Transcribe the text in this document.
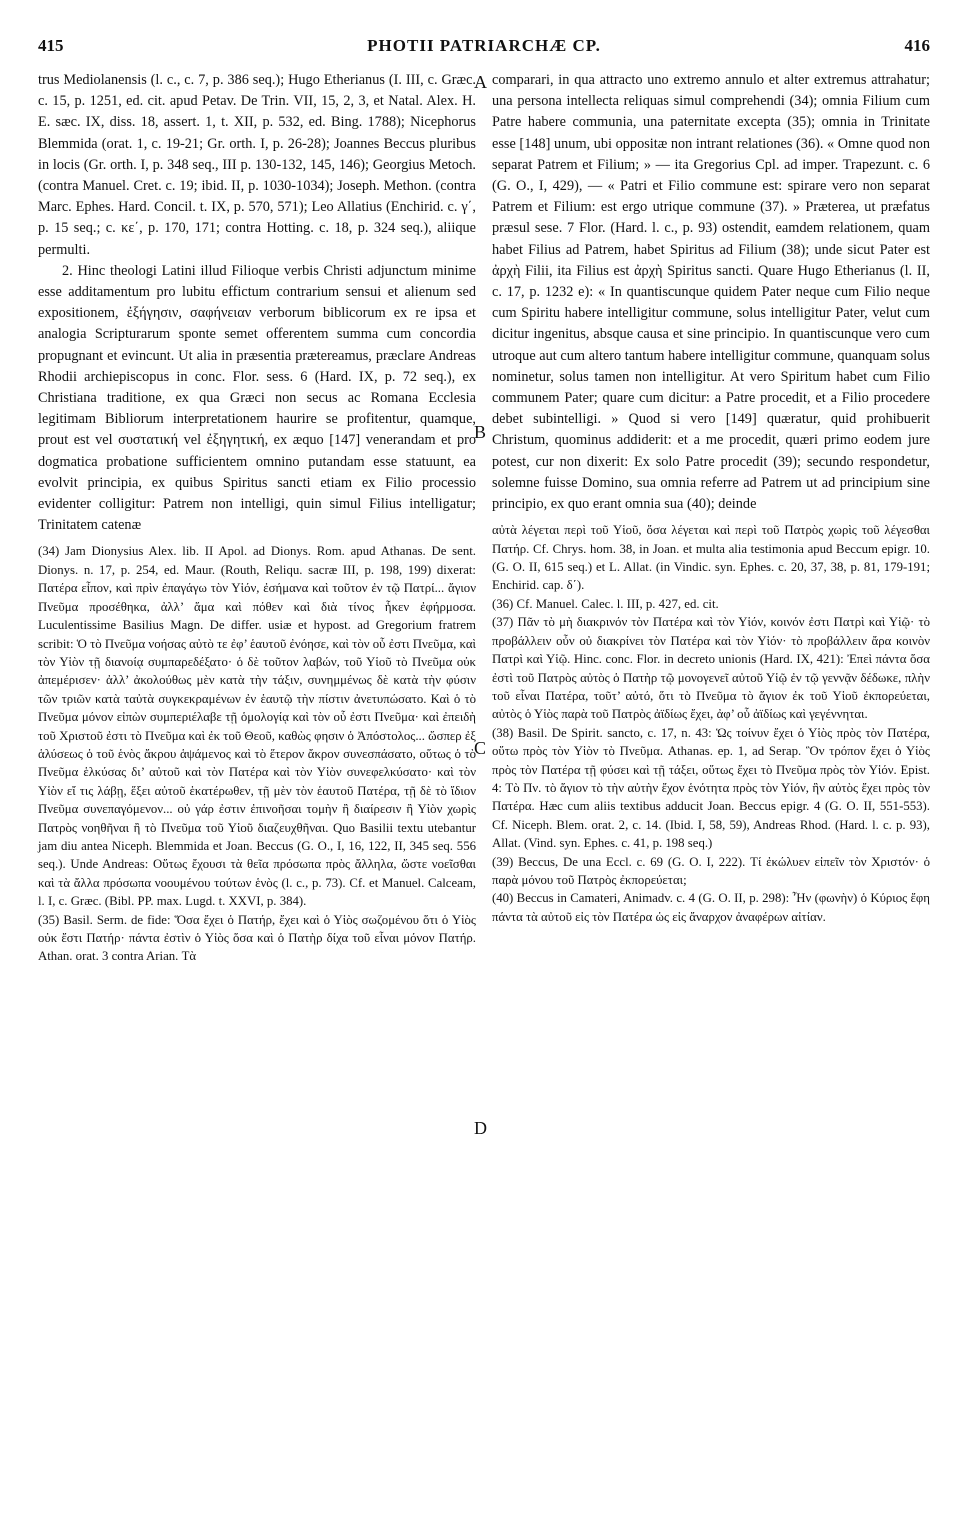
415	PHOTII PATRIARCHÆ CP.	416

trus Mediolanensis (l. c., c. 7, p. 386 seq.); Hugo Etherianus (I. III, c. Græc. c. 15, p. 1251, ed. cit. apud Petav. De Trin. VII, 15, 2, 3, et Natal. Alex. H. E. sæc. IX, diss. 18, assert. 1, t. XII, p. 532, ed. Bing. 1788); Nicephorus Blemmida (orat. 1, c. 19-21; Gr. orth. I, p. 26-28); Joannes Beccus pluribus in locis (Gr. orth. I, p. 348 seq., III p. 130-132, 145, 146); Georgius Metoch. (contra Manuel. Cret. c. 19; ibid. II, p. 1030-1034); Joseph. Methon. (contra Marc. Ephes. Hard. Concil. t. IX, p. 570, 571); Leo Allatius (Enchirid. c. γ΄, p. 15 seq.; c. κε΄, p. 170, 171; contra Hotting. c. 18, p. 324 seq.), aliique permulti.

2. Hinc theologi Latini illud Filioque verbis Christi adjunctum minime esse additamentum pro lubitu effictum contrarium sensui et alienum sed expositionem, ἐξήγησιν, σαφήνειαν verborum biblicorum ex re ipsa et analogia Scripturarum sponte semet offerentem summa cum concordia propugnant et evincunt. Ut alia in præsentia prætereamus, præclare Andreas Rhodii archiepiscopus in conc. Flor. sess. 6 (Hard. IX, p. 72 seq.), ex Christiana traditione, ex qua Græci non secus ac Romana Ecclesia legitimam Bibliorum interpretationem haurire se profitentur, quamque, prout est vel συστατική vel ἐξηγητική, ex æquo [147] venerandam et pro dogmatica probatione sufficientem omnino putandam esse statuunt, ea evolvit principia, ex quibus Spiritus sancti etiam ex Filio processio evidenter colligitur: Patrem non intelligi, quin simul Filius intelligatur; Trinitatem catenæ

(34) Jam Dionysius Alex. lib. II Apol. ad Dionys. Rom. apud Athanas. De sent. Dionys. n. 17, p. 254, ed. Maur. (Routh, Reliqu. sacræ III, p. 198, 199) dixerat: Πατέρα εἶπον, καὶ πρὶν ἐπαγάγω τὸν Υἱόν, ἐσήμανα καὶ τοῦτον ἐν τῷ Πατρί... ἅγιον Πνεῦμα προσέθηκα, ἀλλ’ ἅμα καὶ πόθεν καὶ διὰ τίνος ἧκεν ἐφήρμοσα. Luculentissime Basilius Magn. De differ. usiæ et hypost. ad Gregorium fratrem scribit: Ὁ τὸ Πνεῦμα νοήσας αὐτὸ τε ἐφ’ ἑαυτοῦ ἐνόησε, καὶ τὸν οὗ ἐστι Πνεῦμα, καὶ τὸν Υἱὸν τῇ διανοίᾳ συμπαρεδέξατο· ὁ δὲ τοῦτον λαβών, τοῦ Υἱοῦ τὸ Πνεῦμα οὐκ ἀπεμέρισεν· ἀλλ’ ἀκολούθως μὲν κατὰ τὴν τάξιν, συνημμένως δὲ κατὰ τὴν φύσιν τῶν τριῶν κατὰ ταὐτὰ συγκεκραμένων ἐν ἑαυτῷ τὴν πίστιν ἀνετυπώσατο. Καὶ ὁ τὸ Πνεῦμα μόνον εἰπὼν συμπεριέλαβε τῇ ὁμολογίᾳ καὶ τὸν οὗ ἐστι Πνεῦμα· καὶ ἐπειδὴ τοῦ Χριστοῦ ἐστι τὸ Πνεῦμα καὶ ἐκ τοῦ Θεοῦ, καθὼς φησιν ὁ Ἀπόστολος... ὥσπερ ἐξ ἁλύσεως ὁ τοῦ ἑνὸς ἄκρου ἁψάμενος καὶ τὸ ἕτερον ἄκρον συνεσπάσατο, οὕτως ὁ τὸ Πνεῦμα ἑλκύσας δι’ αὐτοῦ καὶ τὸν Πατέρα καὶ τὸν Υἱὸν συνεφελκύσατο· καὶ τὸν Υἱὸν εἴ τις λάβῃ, ἕξει αὐτοῦ ἑκατέρωθεν, τῇ μὲν τὸν ἑαυτοῦ Πατέρα, τῇ δὲ τὸ ἴδιον Πνεῦμα συνεπαγόμενον... οὐ γάρ ἐστιν ἐπινοῆσαι τομὴν ἢ διαίρεσιν ἢ Υἱὸν χωρὶς Πατρὸς νοηθῆναι ἢ τὸ Πνεῦμα τοῦ Υἱοῦ διαζευχθῆναι. Quo Basilii textu utebantur jam diu antea Niceph. Blemmida et Joan. Beccus (G. O., I, 16, 122, II, 345 seq. 556 seq.). Unde Andreas: Οὕτως ἔχουσι τὰ θεῖα πρόσωπα πρὸς ἄλληλα, ὥστε νοεῖσθαι καὶ τὰ ἄλλα πρόσωπα νοουμένου τούτων ἑνὸς (l. c., p. 73). Cf. et Manuel. Calceam, l. I, c. Græc. (Bibl. PP. max. Lugd. t. XXVI, p. 384).

(35) Basil. Serm. de fide: Ὅσα ἔχει ὁ Πατήρ, ἔχει καὶ ὁ Υἱὸς σωζομένου ὅτι ὁ Υἱὸς οὐκ ἔστι Πατήρ· πάντα ἐστὶν ὁ Υἱὸς ὅσα καὶ ὁ Πατὴρ δίχα τοῦ εἶναι μόνον Πατήρ. Athan. orat. 3 contra Arian. Τὰ

A
B
C
D

comparari, in qua attracto uno extremo annulo et alter extremus attrahatur; una persona intellecta reliquas simul comprehendi (34); omnia Filium cum Patre habere communia, una paternitate excepta (35); omnia in Trinitate esse [148] unum, ubi oppositæ non intrant relationes (36). « Omne quod non separat Patrem et Filium; » — ita Gregorius Cpl. ad imper. Trapezunt. c. 6 (G. O., I, 429), — « Patri et Filio commune est: spirare vero non separat Patrem et Filium: est ergo utrique commune (37). » Præterea, ut præfatus præsul sese. 7 Flor. (Hard. l. c., p. 93) ostendit, eamdem relationem, quam habet Filius ad Patrem, habet Spiritus ad Filium (38); unde sicut Pater est ἀρχὴ Filii, ita Filius est ἀρχὴ Spiritus sancti. Quare Hugo Etherianus (l. II, c. 17, p. 1232 e): « In quantiscunque quidem Pater neque cum Filio neque cum Spiritu habere intelligitur commune, solus intelligitur Pater, velut cum dicitur ingenitus, absque causa et sine principio. In quantiscunque vero cum utroque aut cum altero tantum habere intelligitur commune, quanquam solus nominetur, solus tamen non intelligitur. At vero Spiritum habet cum Filio communem Pater; quare cum dicitur: a Patre procedit, et a Filio procedere debet subintelligi. » Quod si vero [149] quæratur, quid prohibuerit Christum, quominus addiderit: et a me procedit, quæri primo eodem jure potest, cur non dixerit: Ex solo Patre procedit (39); secundo respondetur, solemne fuisse Domino, sua omnia referre ad Patrem ut ad principium sine principio, ex quo erant omnia sua (40); deinde

αὐτὰ λέγεται περὶ τοῦ Υἱοῦ, ὅσα λέγεται καὶ περὶ τοῦ Πατρὸς χωρὶς τοῦ λέγεσθαι Πατήρ. Cf. Chrys. hom. 38, in Joan. et multa alia testimonia apud Beccum epigr. 10. (G. O. II, 615 seq.) et L. Allat. (in Vindic. syn. Ephes. c. 20, 37, 38, p. 81, 179-191; Enchirid. cap. δ΄).

(36) Cf. Manuel. Calec. l. III, p. 427, ed. cit.

(37) Πᾶν τὸ μὴ διακρινόν τὸν Πατέρα καὶ τὸν Υἱόν, κοινόν ἐστι Πατρὶ καὶ Υἱῷ· τὸ προβάλλειν οὖν οὐ διακρίνει τὸν Πατέρα καὶ τὸν Υἱόν· τὸ προβάλλειν ἄρα κοινὸν Πατρὶ καὶ Υἱῷ. Hinc. conc. Flor. in decreto unionis (Hard. IX, 421): Ἐπεὶ πάντα ὅσα ἐστὶ τοῦ Πατρὸς αὐτὸς ὁ Πατὴρ τῷ μονογενεῖ αὐτοῦ Υἱῷ ἐν τῷ γεννᾷν δέδωκε, πλὴν τοῦ εἶναι Πατέρα, τοῦτ’ αὐτό, ὅτι τὸ Πνεῦμα τὸ ἅγιον ἐκ τοῦ Υἱοῦ ἐκπορεύεται, αὐτὸς ὁ Υἱὸς παρὰ τοῦ Πατρὸς ἀϊδίως ἔχει, ἀφ’ οὗ ἀϊδίως καὶ γεγέννηται.

(38) Basil. De Spirit. sancto, c. 17, n. 43: Ὡς τοίνυν ἔχει ὁ Υἱὸς πρὸς τὸν Πατέρα, οὕτω πρὸς τὸν Υἱὸν τὸ Πνεῦμα. Athanas. ep. 1, ad Serap. Ὃν τρόπον ἔχει ὁ Υἱὸς πρὸς τὸν Πατέρα τῇ φύσει καὶ τῇ τάξει, οὕτως ἔχει τὸ Πνεῦμα πρὸς τὸν Υἱόν. Epist. 4: Τὸ Πν. τὸ ἅγιον τὸ τὴν αὐτὴν ἔχον ἑνότητα πρὸς τὸν Υἱόν, ἣν αὐτὸς ἔχει πρὸς τὸν Πατέρα. Hæc cum aliis textibus adducit Joan. Beccus epigr. 4 (G. O. II, 551-553). Cf. Niceph. Blem. orat. 2, c. 14. (Ibid. I, 58, 59), Andreas Rhod. (Hard. l. c. p. 93), Allat. (Vind. syn. Ephes. c. 41, p. 198 seq.)

(39) Beccus, De una Eccl. c. 69 (G. O. I, 222). Τί ἐκώλυεν εἰπεῖν τὸν Χριστόν· ὁ παρὰ μόνου τοῦ Πατρὸς ἐκπορεύεται;

(40) Beccus in Camateri, Animadv. c. 4 (G. O. II, p. 298): Ἦν (φωνὴν) ὁ Κύριος ἔφη πάντα τὰ αὐτοῦ εἰς τὸν Πατέρα ὡς εἰς ἄναρχον ἀναφέρων αἰτίαν.
